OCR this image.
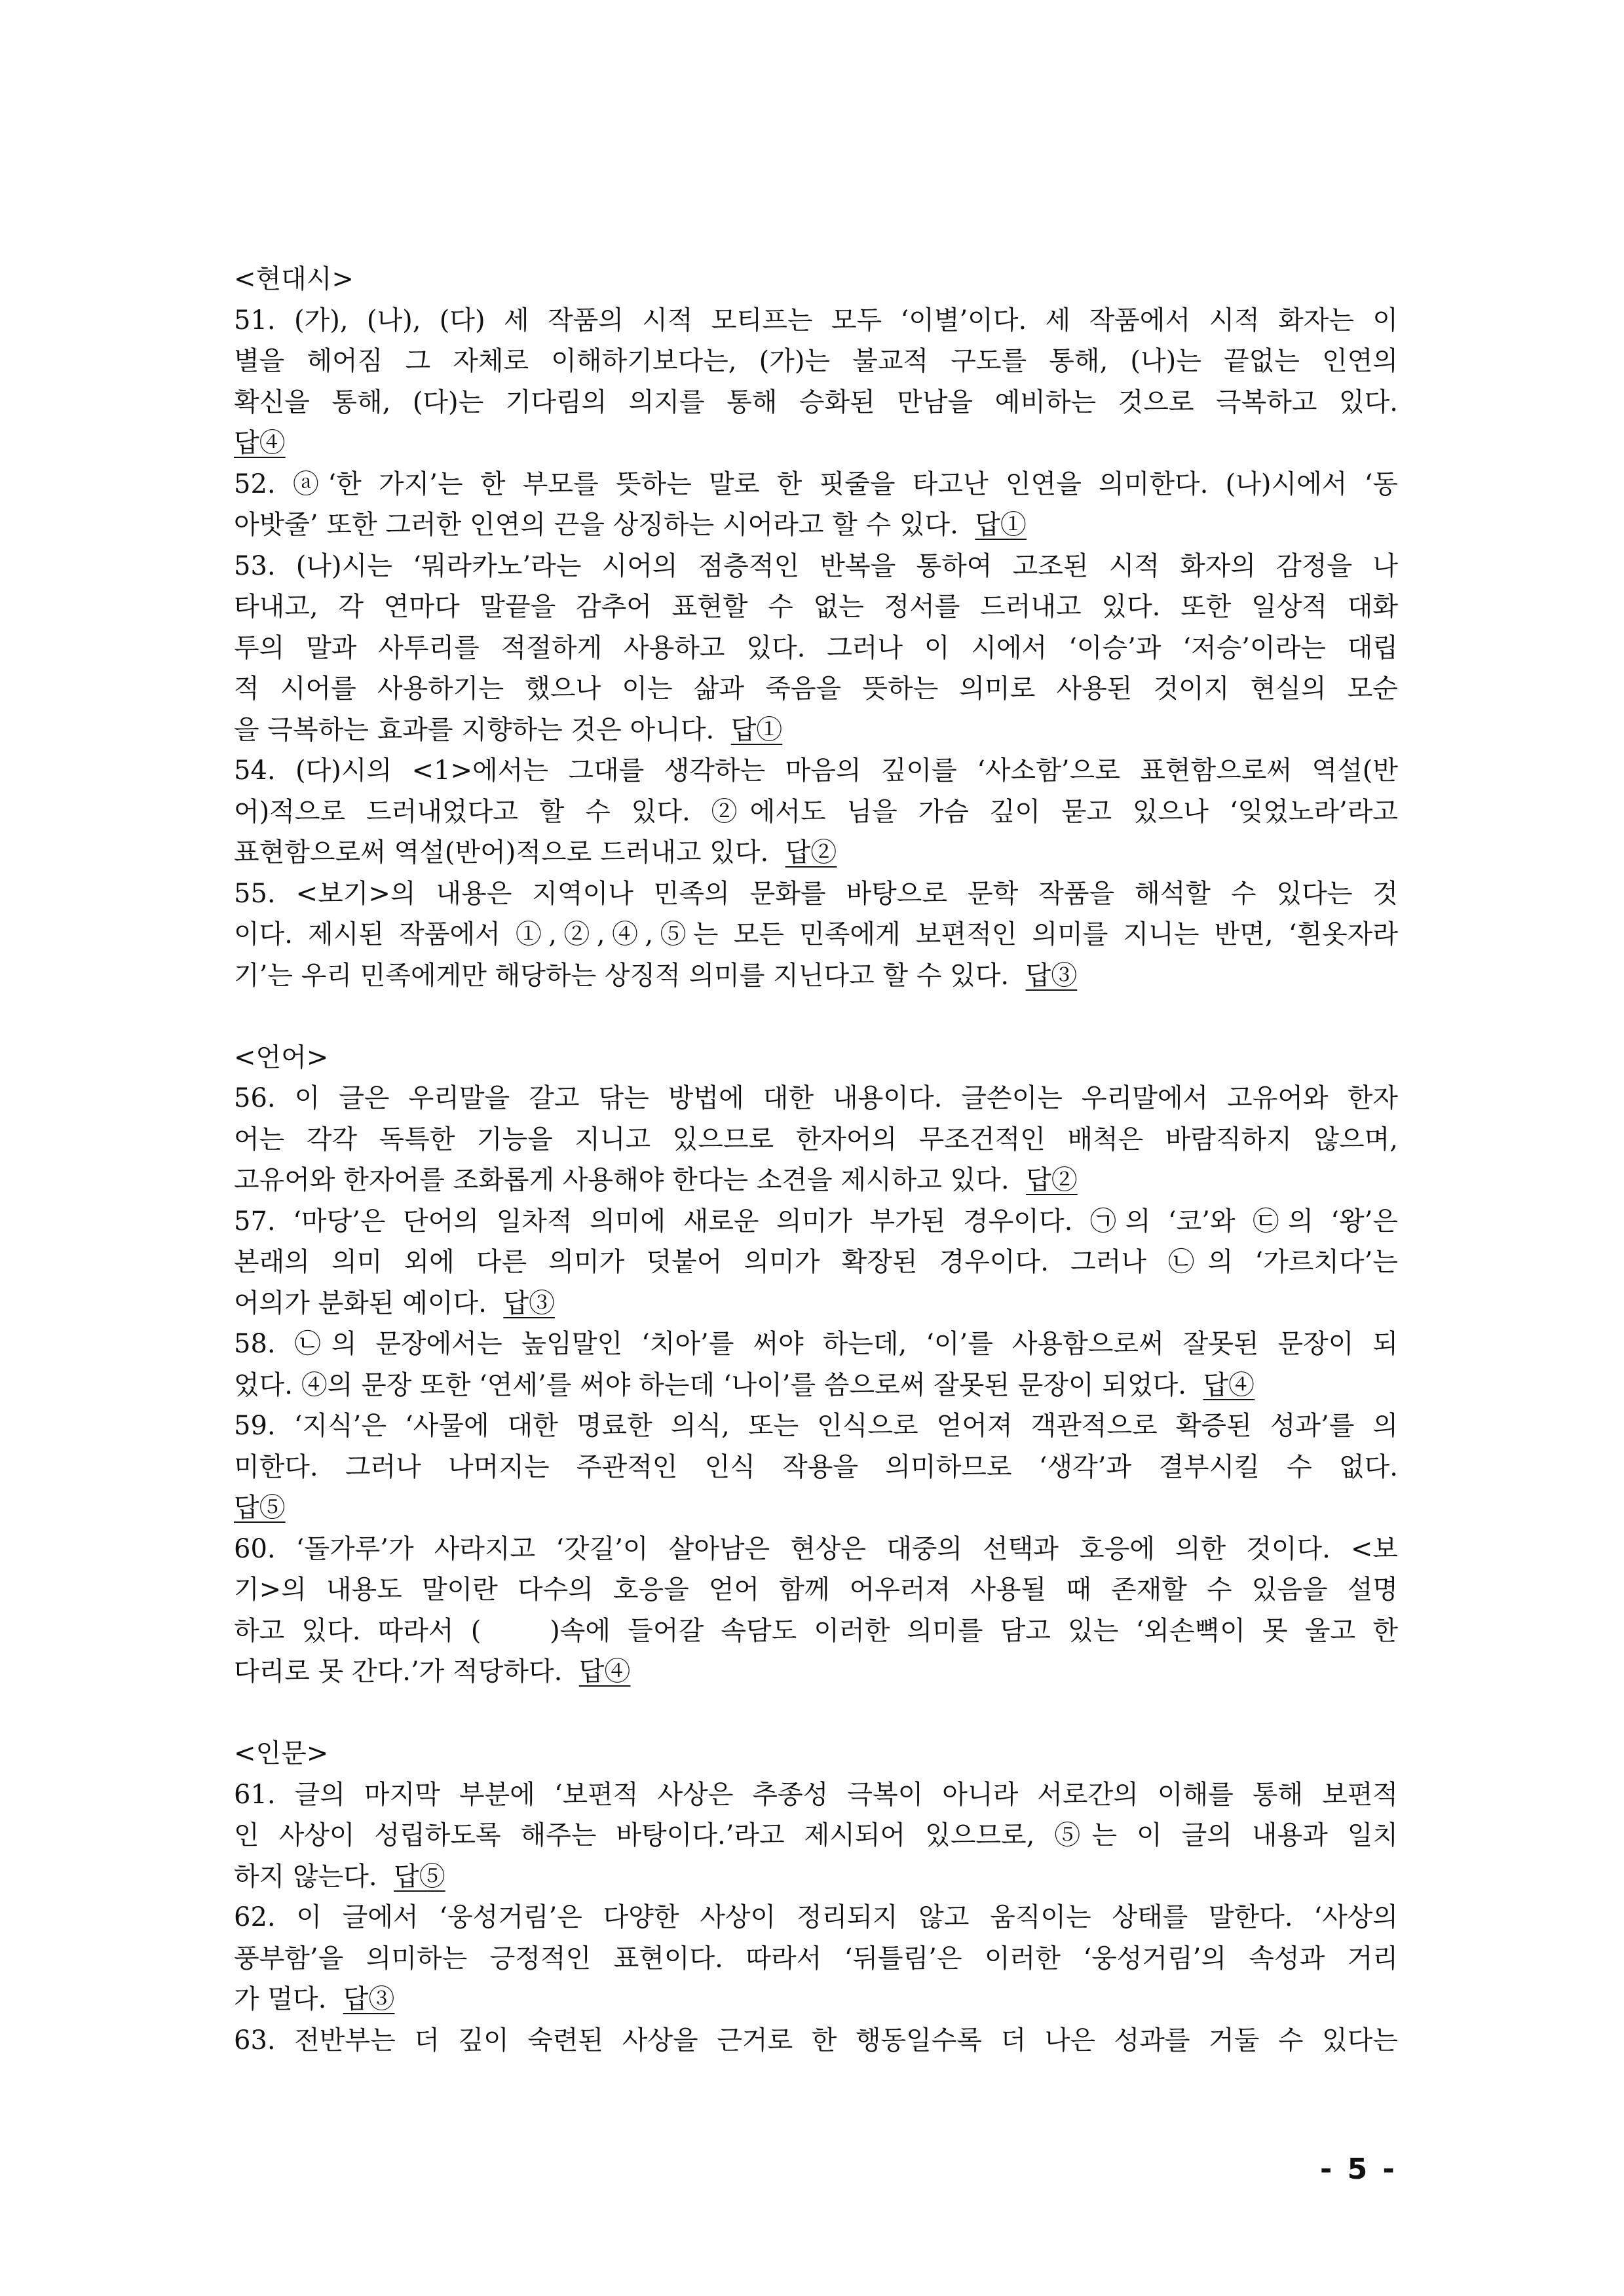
<현대시>
51. (가), (나), (다) 세 작품의 시적 모티프는 모두 ‘이별’이다. 세 작품에서 시적 화자는 이
별을 헤어짐 그 자체로 이해하기보다는, (가)는 불교적 구도를 통해, (나)는 끝없는 인연의
확신을 통해, (다)는 기다림의 의지를 통해 승화된 만남을 예비하는 것으로 극복하고 있다.
답④
52. ⓐ‘한 가지’는 한 부모를 뜻하는 말로 한 핏줄을 타고난 인연을 의미한다. (나)시에서 ‘동
아밧줄’ 또한 그러한 인연의 끈을 상징하는 시어라고 할 수 있다.  답①
53. (나)시는 ‘뭐라카노’라는 시어의 점층적인 반복을 통하여 고조된 시적 화자의 감정을 나
타내고, 각 연마다 말끝을 감추어 표현할 수 없는 정서를 드러내고 있다. 또한 일상적 대화
투의 말과 사투리를 적절하게 사용하고 있다. 그러나 이 시에서 ‘이승’과 ‘저승’이라는 대립
적 시어를 사용하기는 했으나 이는 삶과 죽음을 뜻하는 의미로 사용된 것이지 현실의 모순
을 극복하는 효과를 지향하는 것은 아니다.  답①
54. (다)시의 <1>에서는 그대를 생각하는 마음의 깊이를 ‘사소함’으로 표현함으로써 역설(반
어)적으로 드러내었다고 할 수 있다. ②에서도 님을 가슴 깊이 묻고 있으나 ‘잊었노라’라고
표현함으로써 역설(반어)적으로 드러내고 있다.  답②
55. <보기>의 내용은 지역이나 민족의 문화를 바탕으로 문학 작품을 해석할 수 있다는 것
이다. 제시된 작품에서 ①,②,④,⑤는 모든 민족에게 보편적인 의미를 지니는 반면, ‘흰옷자라
기’는 우리 민족에게만 해당하는 상징적 의미를 지닌다고 할 수 있다.  답③
<언어>
56. 이 글은 우리말을 갈고 닦는 방법에 대한 내용이다. 글쓴이는 우리말에서 고유어와 한자
어는 각각 독특한 기능을 지니고 있으므로 한자어의 무조건적인 배척은 바람직하지 않으며,
고유어와 한자어를 조화롭게 사용해야 한다는 소견을 제시하고 있다.  답②
57. ‘마당’은 단어의 일차적 의미에 새로운 의미가 부가된 경우이다. ㉠의 ‘코’와 ㉢의 ‘왕’은
본래의 의미 외에 다른 의미가 덧붙어 의미가 확장된 경우이다. 그러나 ㉡의 ‘가르치다’는
어의가 분화된 예이다.  답③
58. ㉡의 문장에서는 높임말인 ‘치아’를 써야 하는데, ‘이’를 사용함으로써 잘못된 문장이 되
었다. ④의 문장 또한 ‘연세’를 써야 하는데 ‘나이’를 씀으로써 잘못된 문장이 되었다.  답④
59. ‘지식’은 ‘사물에 대한 명료한 의식, 또는 인식으로 얻어져 객관적으로 확증된 성과’를 의
미한다. 그러나 나머지는 주관적인 인식 작용을 의미하므로 ‘생각’과 결부시킬 수 없다.
답⑤
60. ‘돌가루’가 사라지고 ‘갓길’이 살아남은 현상은 대중의 선택과 호응에 의한 것이다. <보
기>의 내용도 말이란 다수의 호응을 얻어 함께 어우러져 사용될 때 존재할 수 있음을 설명
하고 있다. 따라서 (    )속에 들어갈 속담도 이러한 의미를 담고 있는 ‘외손뼉이 못 울고 한
다리로 못 간다.’가 적당하다.  답④
<인문>
61. 글의 마지막 부분에 ‘보편적 사상은 추종성 극복이 아니라 서로간의 이해를 통해 보편적
인 사상이 성립하도록 해주는 바탕이다.’라고 제시되어 있으므로, ⑤는 이 글의 내용과 일치
하지 않는다.  답⑤
62. 이 글에서 ‘웅성거림’은 다양한 사상이 정리되지 않고 움직이는 상태를 말한다. ‘사상의
풍부함’을 의미하는 긍정적인 표현이다. 따라서 ‘뒤틀림’은 이러한 ‘웅성거림’의 속성과 거리
가 멀다.  답③
63. 전반부는 더 깊이 숙련된 사상을 근거로 한 행동일수록 더 나은 성과를 거둘 수 있다는
- 5 -
